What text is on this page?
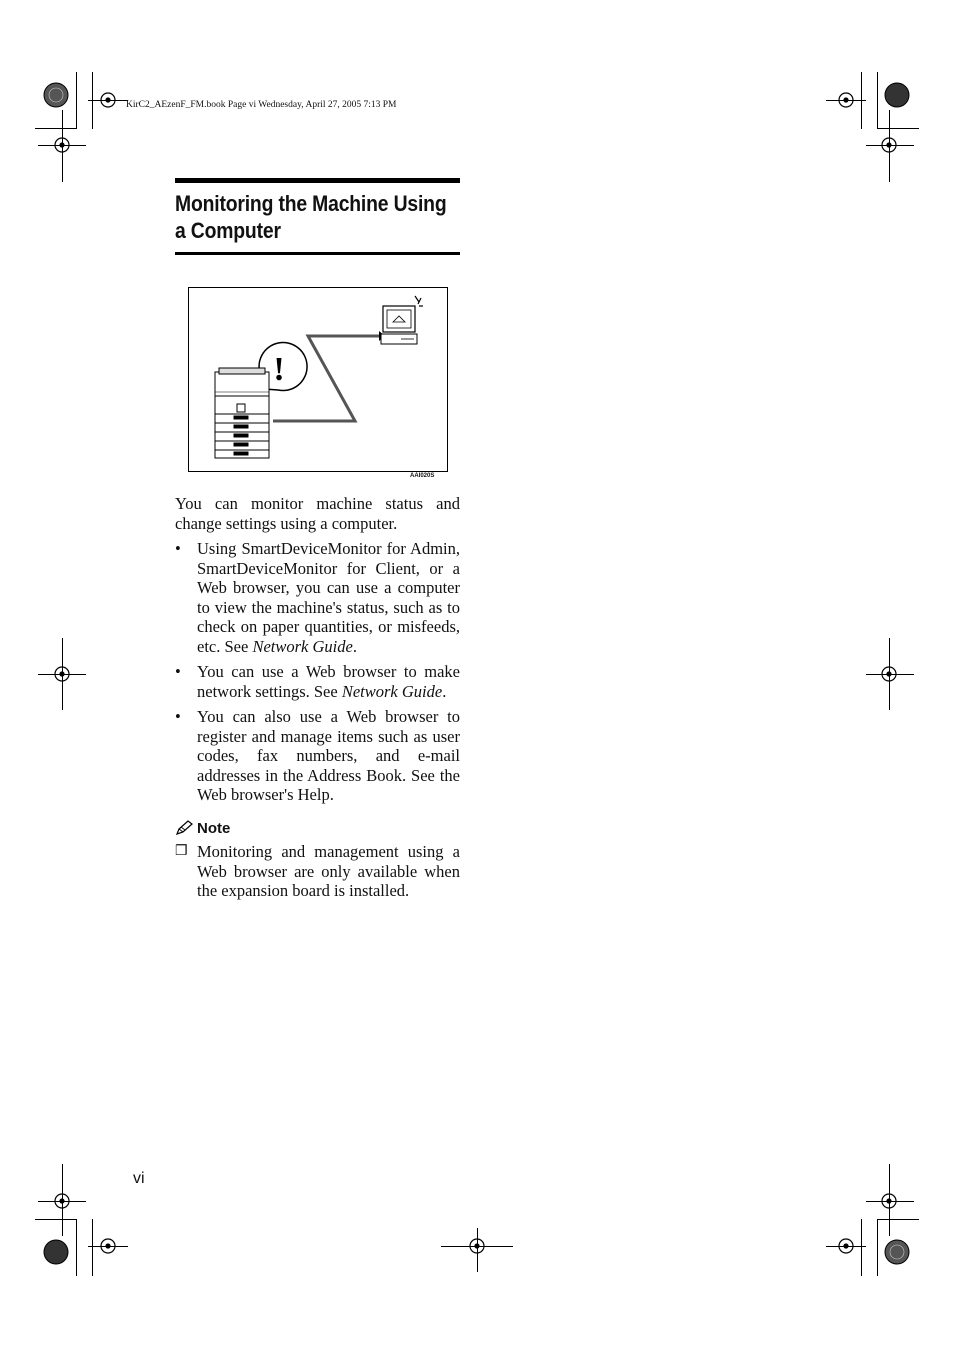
KirC2_AEzenF_FM.book Page vi Wednesday, April 27, 2005 7:13 PM
Monitoring the Machine Using a Computer
!
AAI020S

You can monitor machine status and change settings using a computer.

• Using SmartDeviceMonitor for Admin, SmartDeviceMonitor for Client, or a Web browser, you can use a computer to view the machine's status, such as to check on paper quantities, or misfeeds, etc. See Network Guide.
• You can use a Web browser to make network settings. See Network Guide.
• You can also use a Web browser to register and manage items such as user codes, fax numbers, and e-mail addresses in the Address Book. See the Web browser's Help.
Note
❒ Monitoring and management using a Web browser are only available when the expansion board is installed.
vi
